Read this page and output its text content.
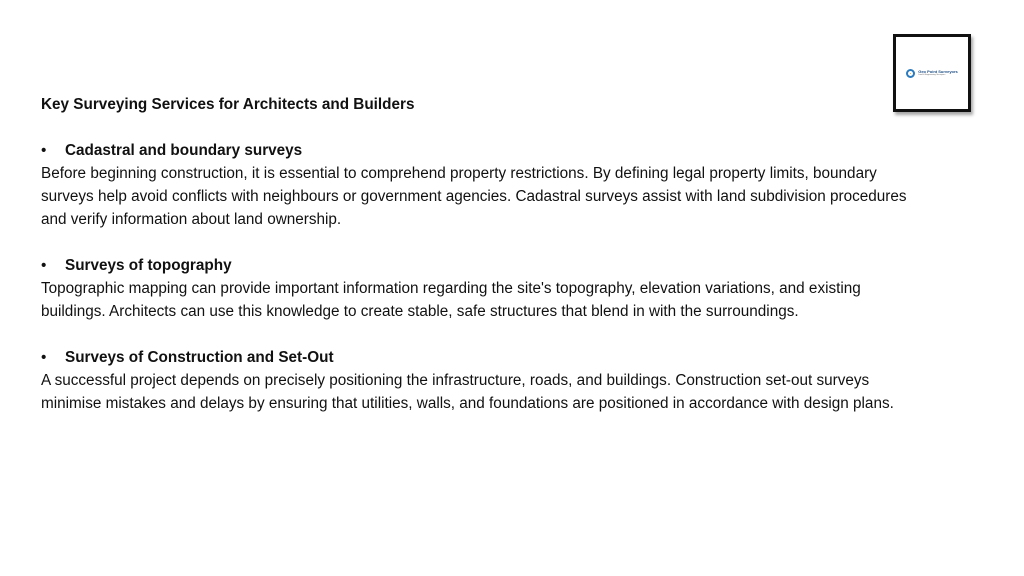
Geo Point Surveyors
Land & Engineering Surveyors

Key Surveying Services for Architects and Builders

•	Cadastral and boundary surveys

Before beginning construction, it is essential to comprehend property restrictions. By defining legal property limits, boundary surveys help avoid conflicts with neighbours or government agencies. Cadastral surveys assist with land subdivision procedures and verify information about land ownership.

•	Surveys of topography

Topographic mapping can provide important information regarding the site's topography, elevation variations, and existing buildings. Architects can use this knowledge to create stable, safe structures that blend in with the surroundings.

•	Surveys of Construction and Set-Out

A successful project depends on precisely positioning the infrastructure, roads, and buildings. Construction set-out surveys minimise mistakes and delays by ensuring that utilities, walls, and foundations are positioned in accordance with design plans.
